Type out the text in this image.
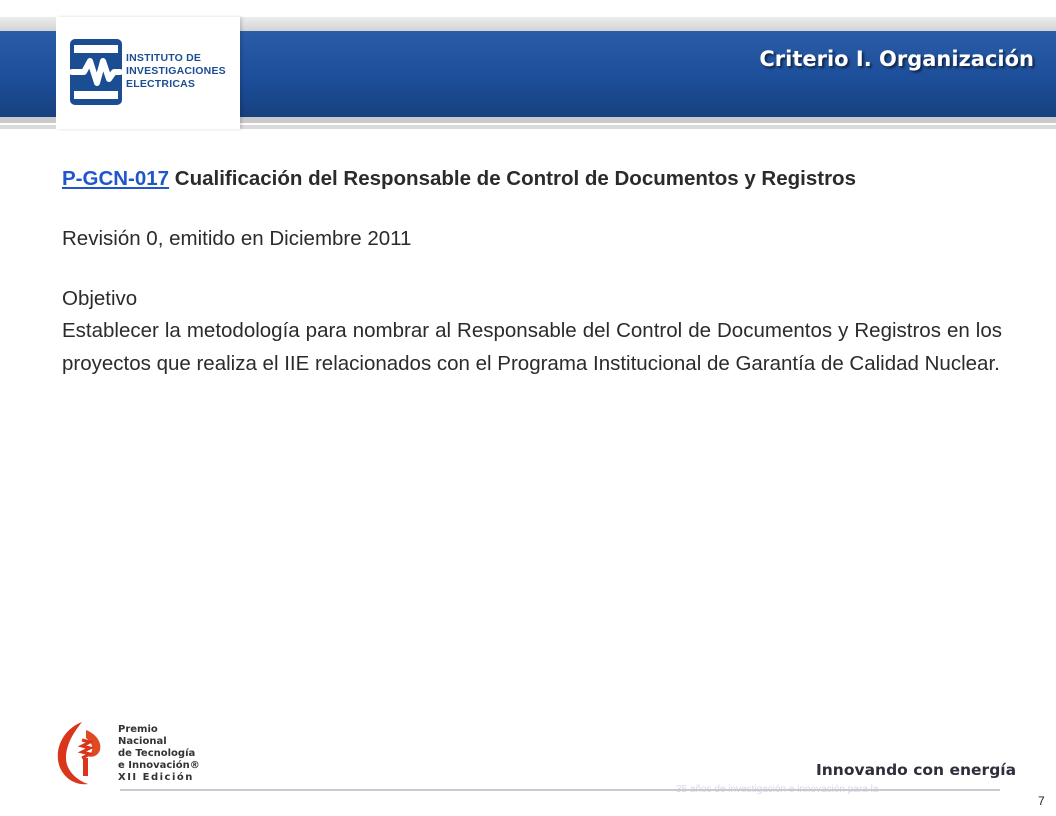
INSTITUTO DE
INVESTIGACIONES
ELECTRICAS
Criterio I. Organización

P-GCN-017 Cualificación del Responsable de Control de Documentos y Registros

Revisión 0, emitido en Diciembre 2011

Objetivo

Establecer la metodología para nombrar al Responsable del Control de Documentos y Registros en los proyectos que realiza el IIE relacionados con el Programa Institucional de Garantía de Calidad Nuclear.

Premio
Nacional
de Tecnología
e Innovación®
XII Edición	Innovando con energía
7
